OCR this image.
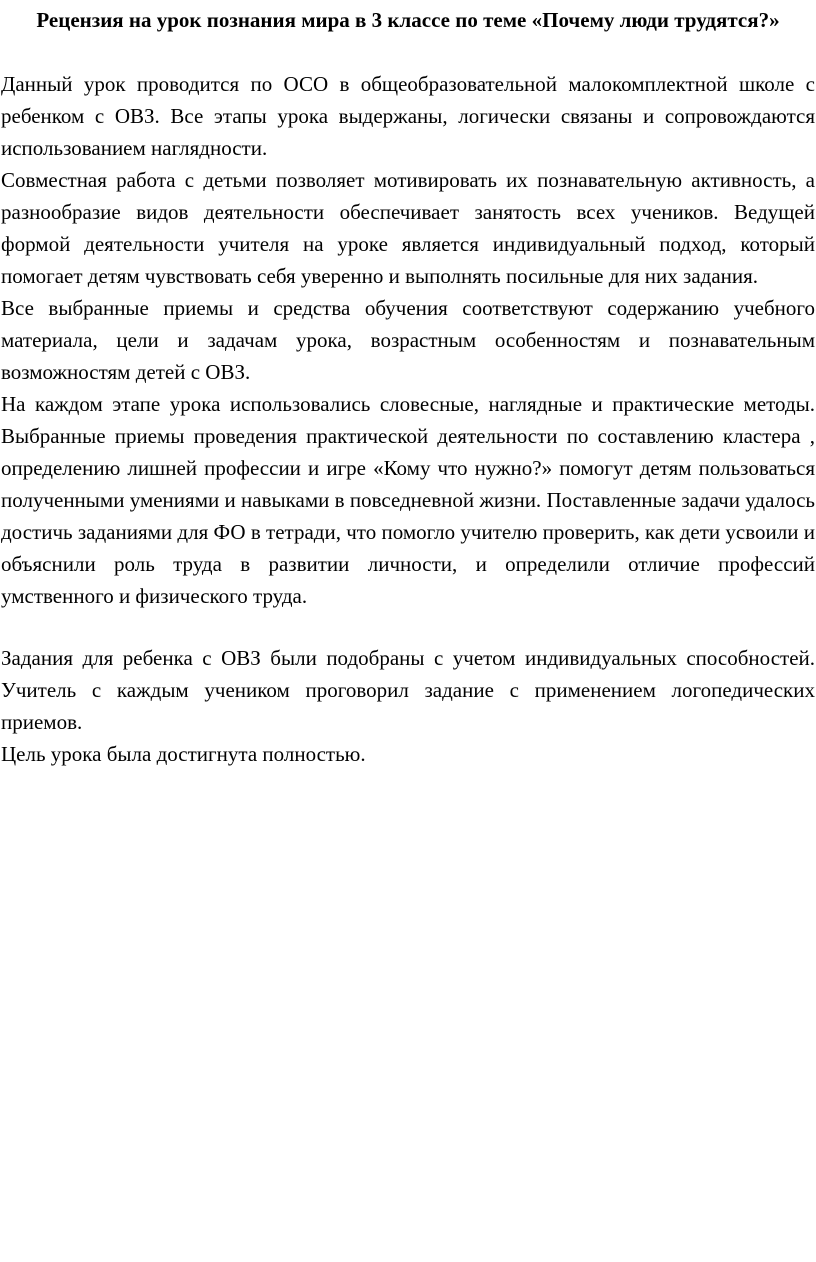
Рецензия на урок познания мира в 3 классе по теме «Почему люди трудятся?»

Данный урок проводится по ОСО в общеобразовательной малокомплектной школе с ребенком с ОВЗ. Все этапы урока выдержаны, логически связаны и сопровождаются использованием наглядности.

Совместная работа с детьми позволяет мотивировать их познавательную активность, а разнообразие видов деятельности обеспечивает занятость всех учеников. Ведущей формой деятельности учителя на уроке является индивидуальный подход, который помогает детям чувствовать себя уверенно и выполнять посильные для них задания.

Все выбранные приемы и средства обучения соответствуют содержанию учебного материала, цели и задачам урока, возрастным особенностям и познавательным возможностям детей с ОВЗ.

На каждом этапе урока использовались словесные, наглядные и практические методы. Выбранные приемы проведения практической деятельности по составлению кластера , определению лишней профессии и игре «Кому что нужно?» помогут детям пользоваться полученными умениями и навыками в повседневной жизни. Поставленные задачи удалось достичь заданиями для ФО в тетради, что помогло учителю проверить, как дети усвоили и объяснили роль труда в развитии личности, и определили отличие профессий умственного и физического труда.

Задания для ребенка с ОВЗ были подобраны с учетом индивидуальных способностей. Учитель с каждым учеником проговорил задание с применением логопедических приемов.

Цель урока была достигнута полностью.
